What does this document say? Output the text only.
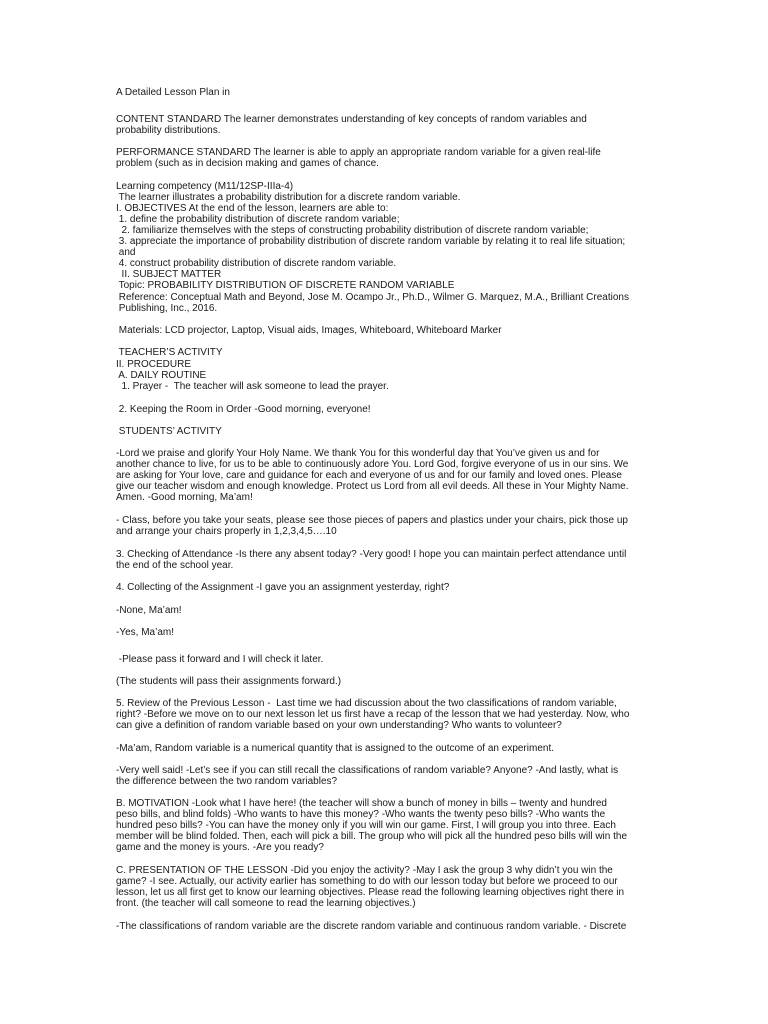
A Detailed Lesson Plan in
CONTENT STANDARD The learner demonstrates understanding of key concepts of random variables and
probability distributions.
PERFORMANCE STANDARD The learner is able to apply an appropriate random variable for a given real-life
problem (such as in decision making and games of chance.
Learning competency (M11/12SP-IIIa-4)
The learner illustrates a probability distribution for a discrete random variable.
I. OBJECTIVES At the end of the lesson, learners are able to:
1. define the probability distribution of discrete random variable;
2. familiarize themselves with the steps of constructing probability distribution of discrete random variable;
3. appreciate the importance of probability distribution of discrete random variable by relating it to real life situation;
and
4. construct probability distribution of discrete random variable.
II. SUBJECT MATTER
Topic: PROBABILITY DISTRIBUTION OF DISCRETE RANDOM VARIABLE
Reference: Conceptual Math and Beyond, Jose M. Ocampo Jr., Ph.D., Wilmer G. Marquez, M.A., Brilliant Creations
Publishing, Inc., 2016.
Materials: LCD projector, Laptop, Visual aids, Images, Whiteboard, Whiteboard Marker
TEACHER’S ACTIVITY
II. PROCEDURE
A. DAILY ROUTINE
1. Prayer -  The teacher will ask someone to lead the prayer.
2. Keeping the Room in Order -Good morning, everyone!
STUDENTS’ ACTIVITY
-Lord we praise and glorify Your Holy Name. We thank You for this wonderful day that You’ve given us and for
another chance to live, for us to be able to continuously adore You. Lord God, forgive everyone of us in our sins. We
are asking for Your love, care and guidance for each and everyone of us and for our family and loved ones. Please
give our teacher wisdom and enough knowledge. Protect us Lord from all evil deeds. All these in Your Mighty Name.
Amen. -Good morning, Ma’am!
- Class, before you take your seats, please see those pieces of papers and plastics under your chairs, pick those up
and arrange your chairs properly in 1,2,3,4,5….10
3. Checking of Attendance -Is there any absent today? -Very good! I hope you can maintain perfect attendance until
the end of the school year.
4. Collecting of the Assignment -I gave you an assignment yesterday, right?
-None, Ma’am!
-Yes, Ma’am!
-Please pass it forward and I will check it later.
(The students will pass their assignments forward.)
5. Review of the Previous Lesson -  Last time we had discussion about the two classifications of random variable,
right? -Before we move on to our next lesson let us first have a recap of the lesson that we had yesterday. Now, who
can give a definition of random variable based on your own understanding? Who wants to volunteer?
-Ma’am, Random variable is a numerical quantity that is assigned to the outcome of an experiment.
-Very well said! -Let’s see if you can still recall the classifications of random variable? Anyone? -And lastly, what is
the difference between the two random variables?
B. MOTIVATION -Look what I have here! (the teacher will show a bunch of money in bills – twenty and hundred
peso bills, and blind folds) -Who wants to have this money? -Who wants the twenty peso bills? -Who wants the
hundred peso bills? -You can have the money only if you will win our game. First, I will group you into three. Each
member will be blind folded. Then, each will pick a bill. The group who will pick all the hundred peso bills will win the
game and the money is yours. -Are you ready?
C. PRESENTATION OF THE LESSON -Did you enjoy the activity? -May I ask the group 3 why didn’t you win the
game? -I see. Actually, our activity earlier has something to do with our lesson today but before we proceed to our
lesson, let us all first get to know our learning objectives. Please read the following learning objectives right there in
front. (the teacher will call someone to read the learning objectives.)
-The classifications of random variable are the discrete random variable and continuous random variable. - Discrete
